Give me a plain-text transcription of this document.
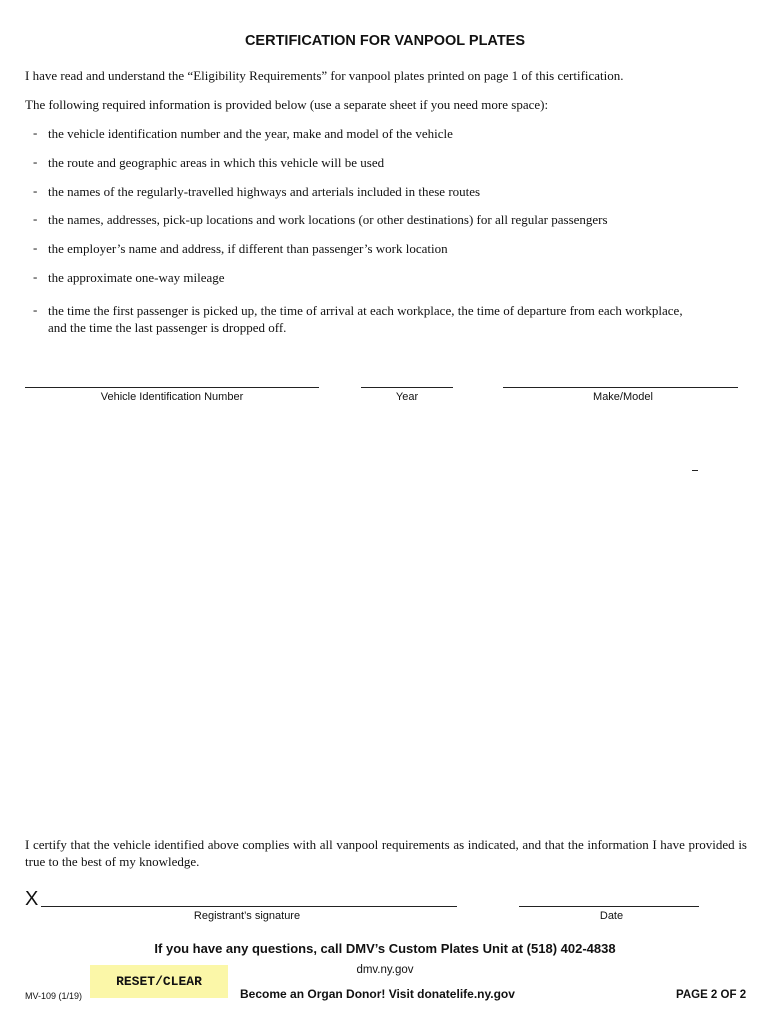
CERTIFICATION FOR VANPOOL PLATES
I have read and understand the “Eligibility Requirements” for vanpool plates printed on page 1 of this certification.
The following required information is provided below (use a separate sheet if you need more space):
- the vehicle identification number and the year, make and model of the vehicle
- the route and geographic areas in which this vehicle will be used
- the names of the regularly-travelled highways and arterials included in these routes
- the names, addresses, pick-up locations and work locations (or other destinations) for all regular passengers
- the employer’s name and address, if different than passenger’s work location
- the approximate one-way mileage
- the time the first passenger is picked up, the time of arrival at each workplace, the time of departure from each workplace,
and the time the last passenger is dropped off.
Vehicle Identification Number	Year	Make/Model
I certify that the vehicle identified above complies with all vanpool requirements as indicated, and that the information I have provided is true to the best of my knowledge.
X
Registrant’s signature	Date
If you have any questions, call DMV’s Custom Plates Unit at (518) 402-4838
dmv.ny.gov
RESET/CLEAR
MV-109 (1/19)	Become an Organ Donor! Visit donatelife.ny.gov	PAGE 2 OF 2
